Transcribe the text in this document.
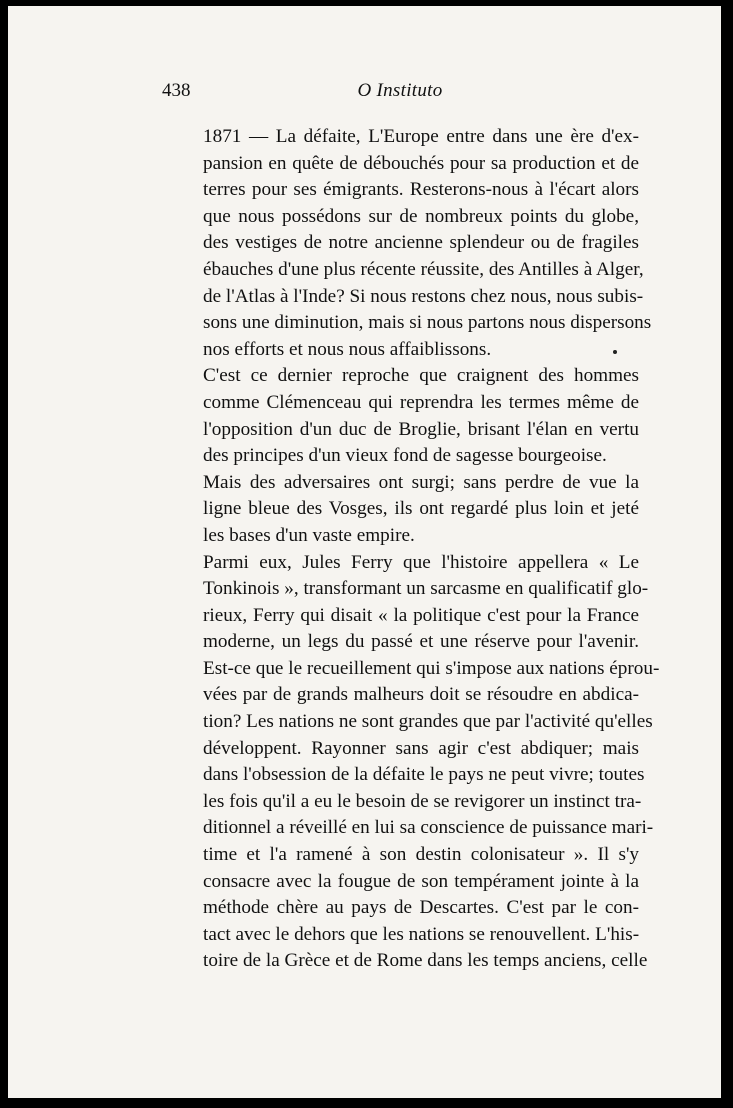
438	O Instituto

1871 — La défaite, L'Europe entre dans une ère d'ex-
pansion en quête de débouchés pour sa production et de
terres pour ses émigrants. Resterons-nous à l'écart alors
que nous possédons sur de nombreux points du globe,
des vestiges de notre ancienne splendeur ou de fragiles
ébauches d'une plus récente réussite, des Antilles à Alger,
de l'Atlas à l'Inde? Si nous restons chez nous, nous subis-
sons une diminution, mais si nous partons nous dispersons
nos efforts et nous nous affaiblissons.

C'est ce dernier reproche que craignent des hommes
comme Clémenceau qui reprendra les termes même de
l'opposition d'un duc de Broglie, brisant l'élan en vertu
des principes d'un vieux fond de sagesse bourgeoise.

Mais des adversaires ont surgi; sans perdre de vue la
ligne bleue des Vosges, ils ont regardé plus loin et jeté
les bases d'un vaste empire.

Parmi eux, Jules Ferry que l'histoire appellera « Le
Tonkinois », transformant un sarcasme en qualificatif glo-
rieux, Ferry qui disait « la politique c'est pour la France
moderne, un legs du passé et une réserve pour l'avenir.
Est-ce que le recueillement qui s'impose aux nations éprou-
vées par de grands malheurs doit se résoudre en abdica-
tion? Les nations ne sont grandes que par l'activité qu'elles
développent. Rayonner sans agir c'est abdiquer; mais
dans l'obsession de la défaite le pays ne peut vivre; toutes
les fois qu'il a eu le besoin de se revigorer un instinct tra-
ditionnel a réveillé en lui sa conscience de puissance mari-
time et l'a ramené à son destin colonisateur ». Il s'y
consacre avec la fougue de son tempérament jointe à la
méthode chère au pays de Descartes. C'est par le con-
tact avec le dehors que les nations se renouvellent. L'his-
toire de la Grèce et de Rome dans les temps anciens, celle
